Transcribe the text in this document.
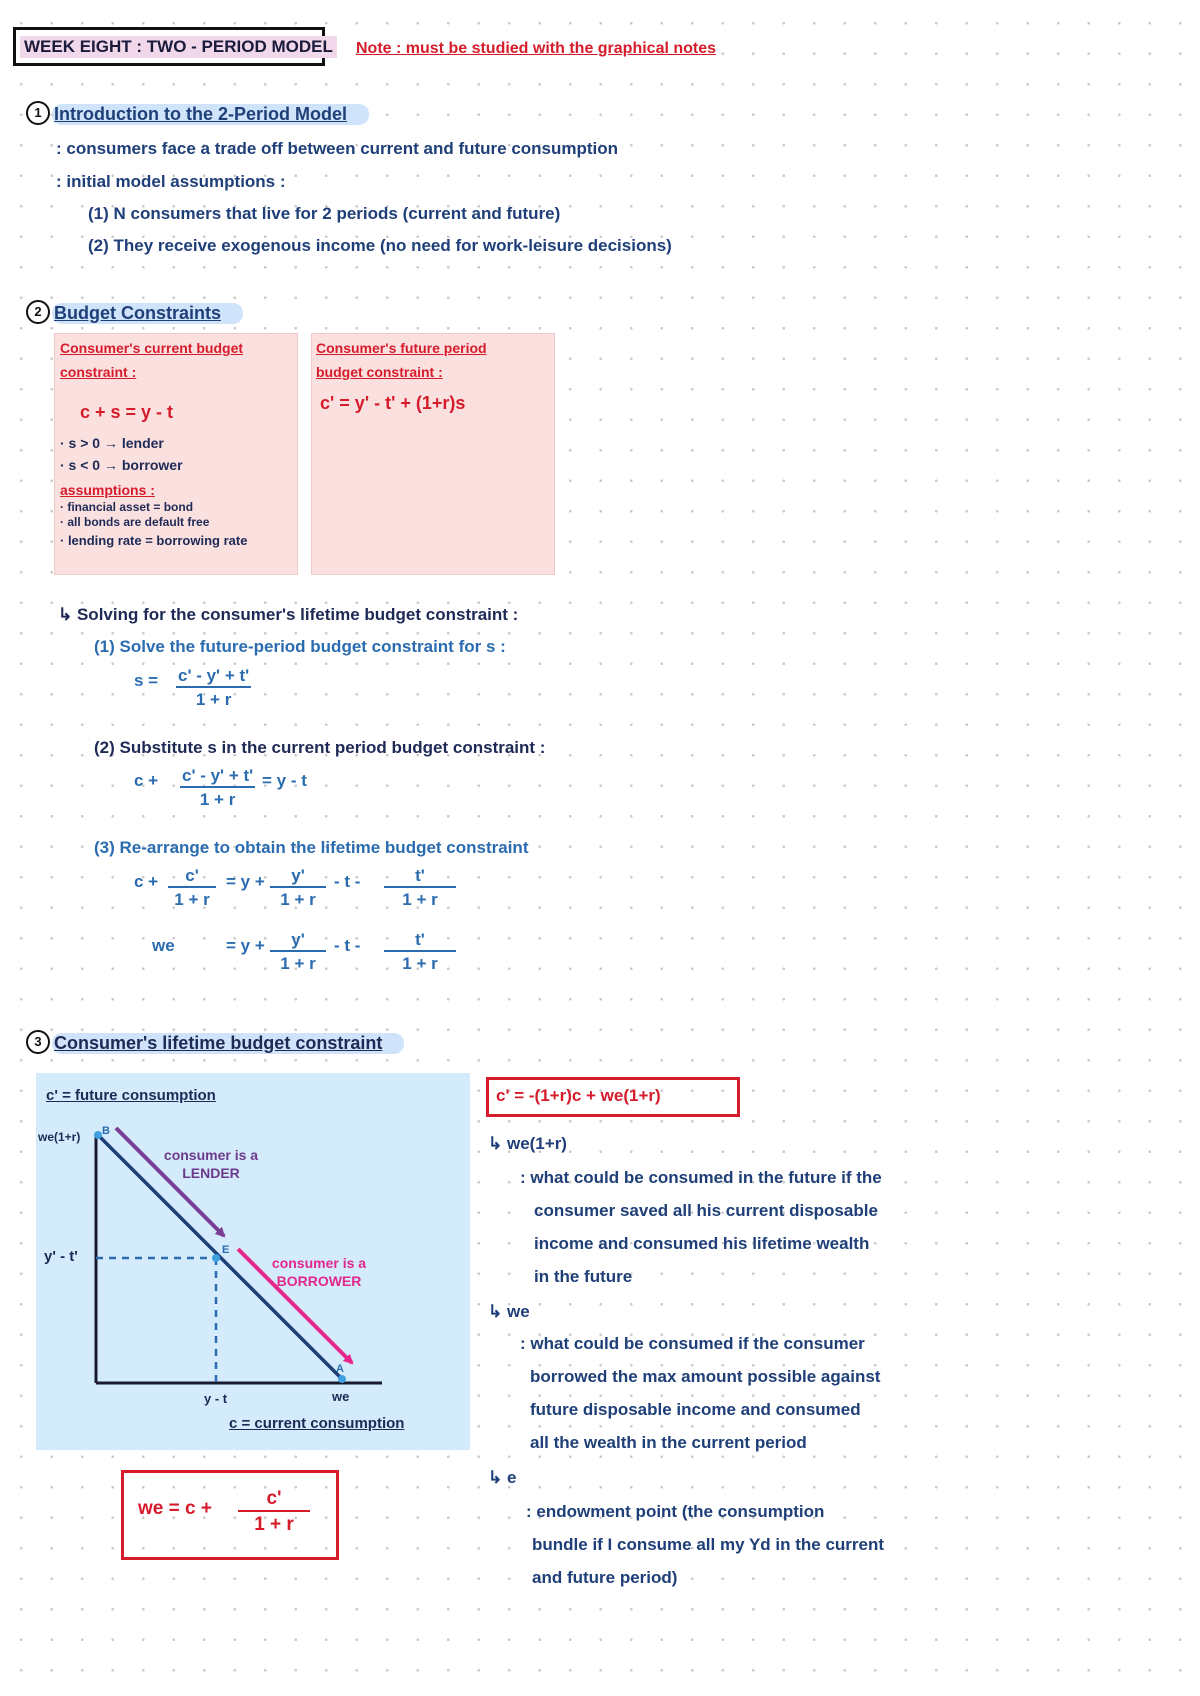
WEEK EIGHT : TWO - PERIOD MODEL Note : must be studied with the graphical notes
1 Introduction to the 2-Period Model
: consumers face a trade off between current and future consumption
: initial model assumptions :
(1) N consumers that live for 2 periods (current and future)
(2) They receive exogenous income (no need for work-leisure decisions)
2 Budget Constraints
Consumer's current budget
constraint :
c + s = y - t
· s > 0 → lender
· s < 0 → borrower
assumptions :
· financial asset = bond
· all bonds are default free
· lending rate = borrowing rate
Consumer's future period
budget constraint :
c' = y' - t' + (1+r)s
↳ Solving for the consumer's lifetime budget constraint :
(1) Solve the future-period budget constraint for s :
$s = \frac{c' - y' + t'}{1 + r}$
(2) Substitute s in the current period budget constraint :
$c + \frac{c' - y' + t'}{1 + r} = y - t$
(3) Re-arrange to obtain the lifetime budget constraint
$c + \frac{c'}{1 + r} = y + \frac{y'}{1 + r} - t - \frac{t'}{1 + r}$
we	= $y + \frac{y'}{1 + r} - t - \frac{t'}{1 + r}$
3 Consumer's lifetime budget constraint
c' = future consumption
we(1+r)
y' - t'
y - t	we
c = current consumption
B
E
A
consumer is a
LENDER
consumer is a
BORROWER
we = $c + \frac{c'}{1 + r}$
c' = -(1+r)c + we(1+r)
↳ we(1+r)
: what could be consumed in the future if the
consumer saved all his current disposable
income and consumed his lifetime wealth
in the future
↳ we
: what could be consumed if the consumer
borrowed the max amount possible against
future disposable income and consumed
all the wealth in the current period
↳ e
: endowment point (the consumption
bundle if I consume all my Yd in the current
and future period)
